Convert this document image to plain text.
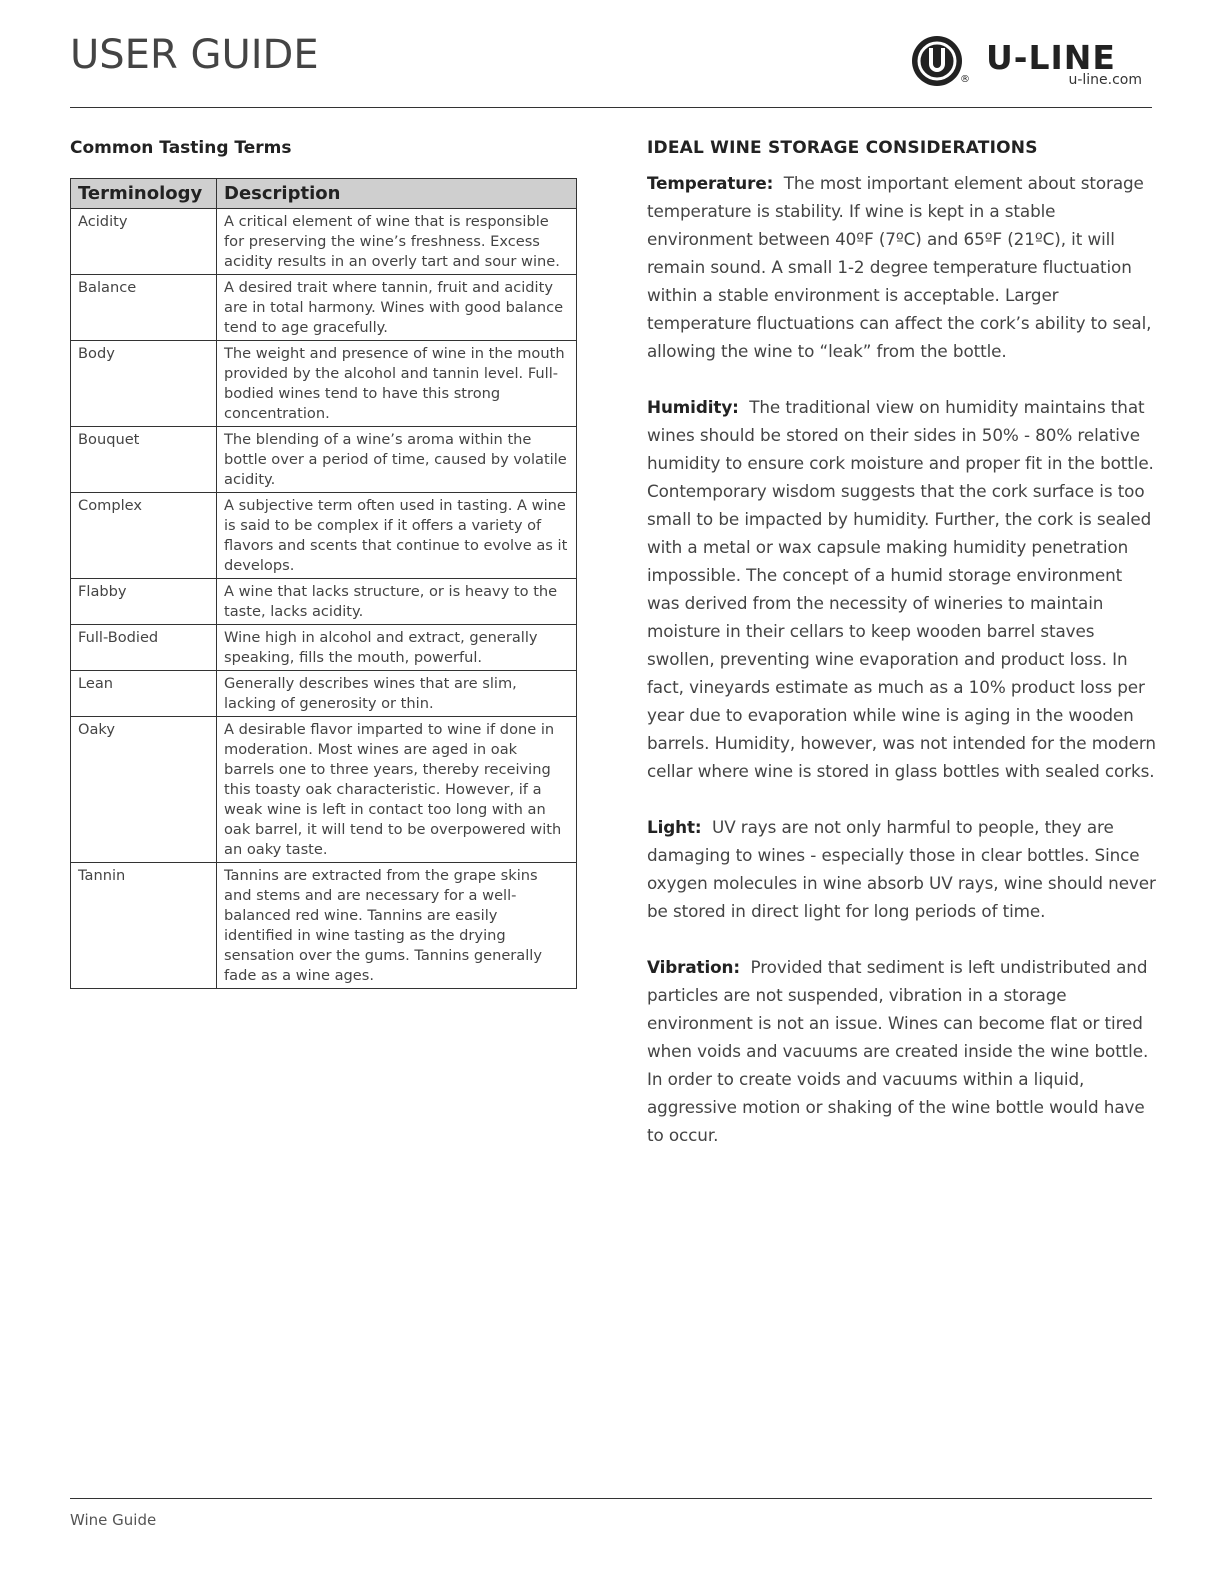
USER GUIDE
®
U-LINE
u-line.com
Common Tasting Terms
Terminology	Description
Acidity	A critical element of wine that is responsible for preserving the wine’s freshness. Excess acidity results in an overly tart and sour wine.
Balance	A desired trait where tannin, fruit and acidity are in total harmony. Wines with good balance tend to age gracefully.
Body	The weight and presence of wine in the mouth provided by the alcohol and tannin level. Full-bodied wines tend to have this strong concentration.
Bouquet	The blending of a wine’s aroma within the bottle over a period of time, caused by volatile acidity.
Complex	A subjective term often used in tasting. A wine is said to be complex if it offers a variety of flavors and scents that continue to evolve as it develops.
Flabby	A wine that lacks structure, or is heavy to the taste, lacks acidity.
Full-Bodied	Wine high in alcohol and extract, generally speaking, fills the mouth, powerful.
Lean	Generally describes wines that are slim, lacking of generosity or thin.
Oaky	A desirable flavor imparted to wine if done in moderation. Most wines are aged in oak barrels one to three years, thereby receiving this toasty oak characteristic. However, if a weak wine is left in contact too long with an oak barrel, it will tend to be overpowered with an oaky taste.
Tannin	Tannins are extracted from the grape skins and stems and are necessary for a well-balanced red wine. Tannins are easily identified in wine tasting as the drying sensation over the gums. Tannins generally fade as a wine ages.
IDEAL WINE STORAGE CONSIDERATIONS

Temperature: The most important element about storage temperature is stability. If wine is kept in a stable environment between 40ºF (7ºC) and 65ºF (21ºC), it will remain sound. A small 1-2 degree temperature fluctuation within a stable environment is acceptable. Larger temperature fluctuations can affect the cork’s ability to seal, allowing the wine to “leak” from the bottle.

Humidity: The traditional view on humidity maintains that wines should be stored on their sides in 50% - 80% relative humidity to ensure cork moisture and proper fit in the bottle. Contemporary wisdom suggests that the cork surface is too small to be impacted by humidity. Further, the cork is sealed with a metal or wax capsule making humidity penetration impossible. The concept of a humid storage environment was derived from the necessity of wineries to maintain moisture in their cellars to keep wooden barrel staves swollen, preventing wine evaporation and product loss. In fact, vineyards estimate as much as a 10% product loss per year due to evaporation while wine is aging in the wooden barrels. Humidity, however, was not intended for the modern cellar where wine is stored in glass bottles with sealed corks.

Light: UV rays are not only harmful to people, they are damaging to wines - especially those in clear bottles. Since oxygen molecules in wine absorb UV rays, wine should never be stored in direct light for long periods of time.

Vibration: Provided that sediment is left undistributed and particles are not suspended, vibration in a storage environment is not an issue. Wines can become flat or tired when voids and vacuums are created inside the wine bottle. In order to create voids and vacuums within a liquid, aggressive motion or shaking of the wine bottle would have to occur.

Wine Guide
